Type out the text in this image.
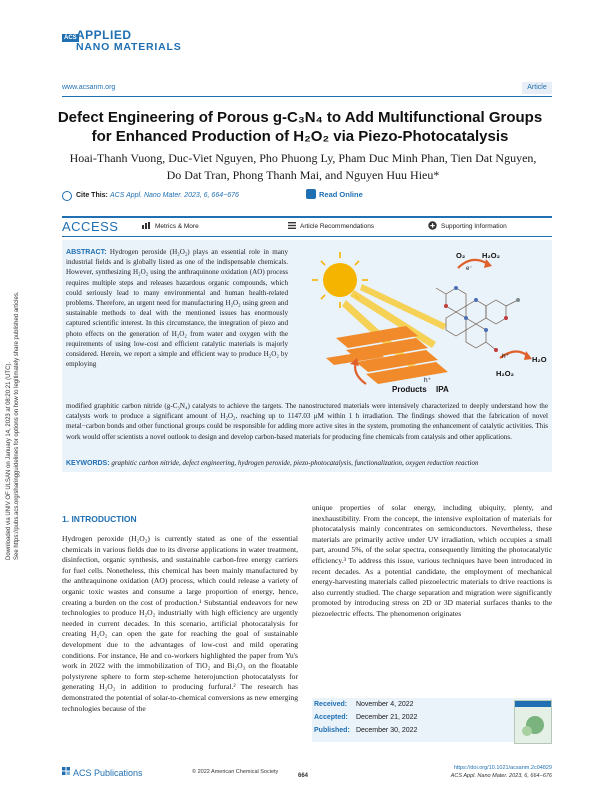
ACS APPLIED
NANO MATERIALS
www.acsanm.org	Article
Defect Engineering of Porous g-C₃N₄ to Add Multifunctional Groups
for Enhanced Production of H₂O₂ via Piezo-Photocatalysis
Hoai-Thanh Vuong, Duc-Viet Nguyen, Pho Phuong Ly, Pham Duc Minh Phan, Tien Dat Nguyen,
Do Dat Tran, Phong Thanh Mai, and Nguyen Huu Hieu*
Cite This: ACS Appl. Nano Mater. 2023, 6, 664−676	Read Online
ACCESS	Metrics & More	Article Recommendations	Supporting Information
ABSTRACT: Hydrogen peroxide (H₂O₂) plays an essential role in many industrial fields and is globally listed as one of the indispensable chemicals. However, synthesizing H₂O₂ using the anthraquinone oxidation (AO) process requires multiple steps and releases hazardous organic compounds, which could seriously lead to many environmental and human health-related problems. Therefore, an urgent need for manufacturing H₂O₂ using green and sustainable methods to deal with the mentioned issues has enormously captured scientific interest. In this circumstance, the integration of piezo and photo effects on the generation of H₂O₂ from water and oxygen with the requirements of using low-cost and efficient catalytic materials is majorly considered. Herein, we report a simple and efficient way to produce H₂O₂ by employing
O₂ H₂O₂
e⁻
h⁺	H₂O
H₂O₂
Products
h⁺
IPA
modified graphitic carbon nitride (g-C₃N₄) catalysts to achieve the targets. The nanostructured materials were intensively characterized to deeply understand how the catalysts work to produce a significant amount of H₂O₂, reaching up to 1147.03 μM within 1 h irradiation. The findings showed that the fabrication of novel metal−carbon bonds and other functional groups could be responsible for adding more active sites in the system, promoting the enhancement of catalytic activities. This work would offer scientists a novel outlook to design and develop carbon-based materials for producing fine chemicals from catalysis and other applications.
KEYWORDS: graphitic carbon nitride, defect engineering, hydrogen peroxide, piezo-photocatalysis, functionalization, oxygen reduction reaction
Downloaded via UNIV OF ULSAN on January 14, 2023 at 08:20:21 (UTC). See https://pubs.acs.org/sharingguidelines for options on how to legitimately share published articles.	1. INTRODUCTION
Hydrogen peroxide (H₂O₂) is currently stated as one of the essential chemicals in various fields due to its diverse applications in water treatment, disinfection, organic synthesis, and sustainable carbon-free energy carriers for fuel cells. Nonetheless, this chemical has been mainly manufactured by the anthraquinone oxidation (AO) process, which could release a variety of organic toxic wastes and consume a large proportion of energy, hence, creating a burden on the cost of production.¹ Substantial endeavors for new technologies to produce H₂O₂ industrially with high efficiency are urgently needed in current decades. In this scenario, artificial photocatalysis for creating H₂O₂ can open the gate for reaching the goal of sustainable development due to the advantages of low-cost and mild operating conditions. For instance, He and co-workers highlighted the paper from Yu's work in 2022 with the immobilization of TiO₂ and Bi₂O₃ on the floatable polystyrene sphere to form step-scheme heterojunction photocatalysts for generating H₂O₂ in addition to producing furfural.² The research has demonstrated the potential of solar-to-chemical conversions as new emerging technologies because of the
unique properties of solar energy, including ubiquity, plenty, and inexhaustibility. From the concept, the intensive exploitation of materials for photocatalysis mainly concentrates on semiconductors. Nevertheless, these materials are primarily active under UV irradiation, which occupies a small part, around 5%, of the solar spectra, consequently limiting the photocatalytic efficiency.³ To address this issue, various techniques have been introduced in recent decades. As a potential candidate, the employment of mechanical energy-harvesting materials called piezoelectric materials to drive reactions is also currently studied. The charge separation and migration were significantly promoted by introducing stress on 2D or 3D material surfaces thanks to the piezoelectric effects. The phenomenon originates
Received: November 4, 2022
Accepted: December 21, 2022
Published: December 30, 2022
ACS Publications	© 2022 American Chemical Society
664
https://doi.org/10.1021/acsanm.2c04829
ACS Appl. Nano Mater. 2023, 6, 664−676
